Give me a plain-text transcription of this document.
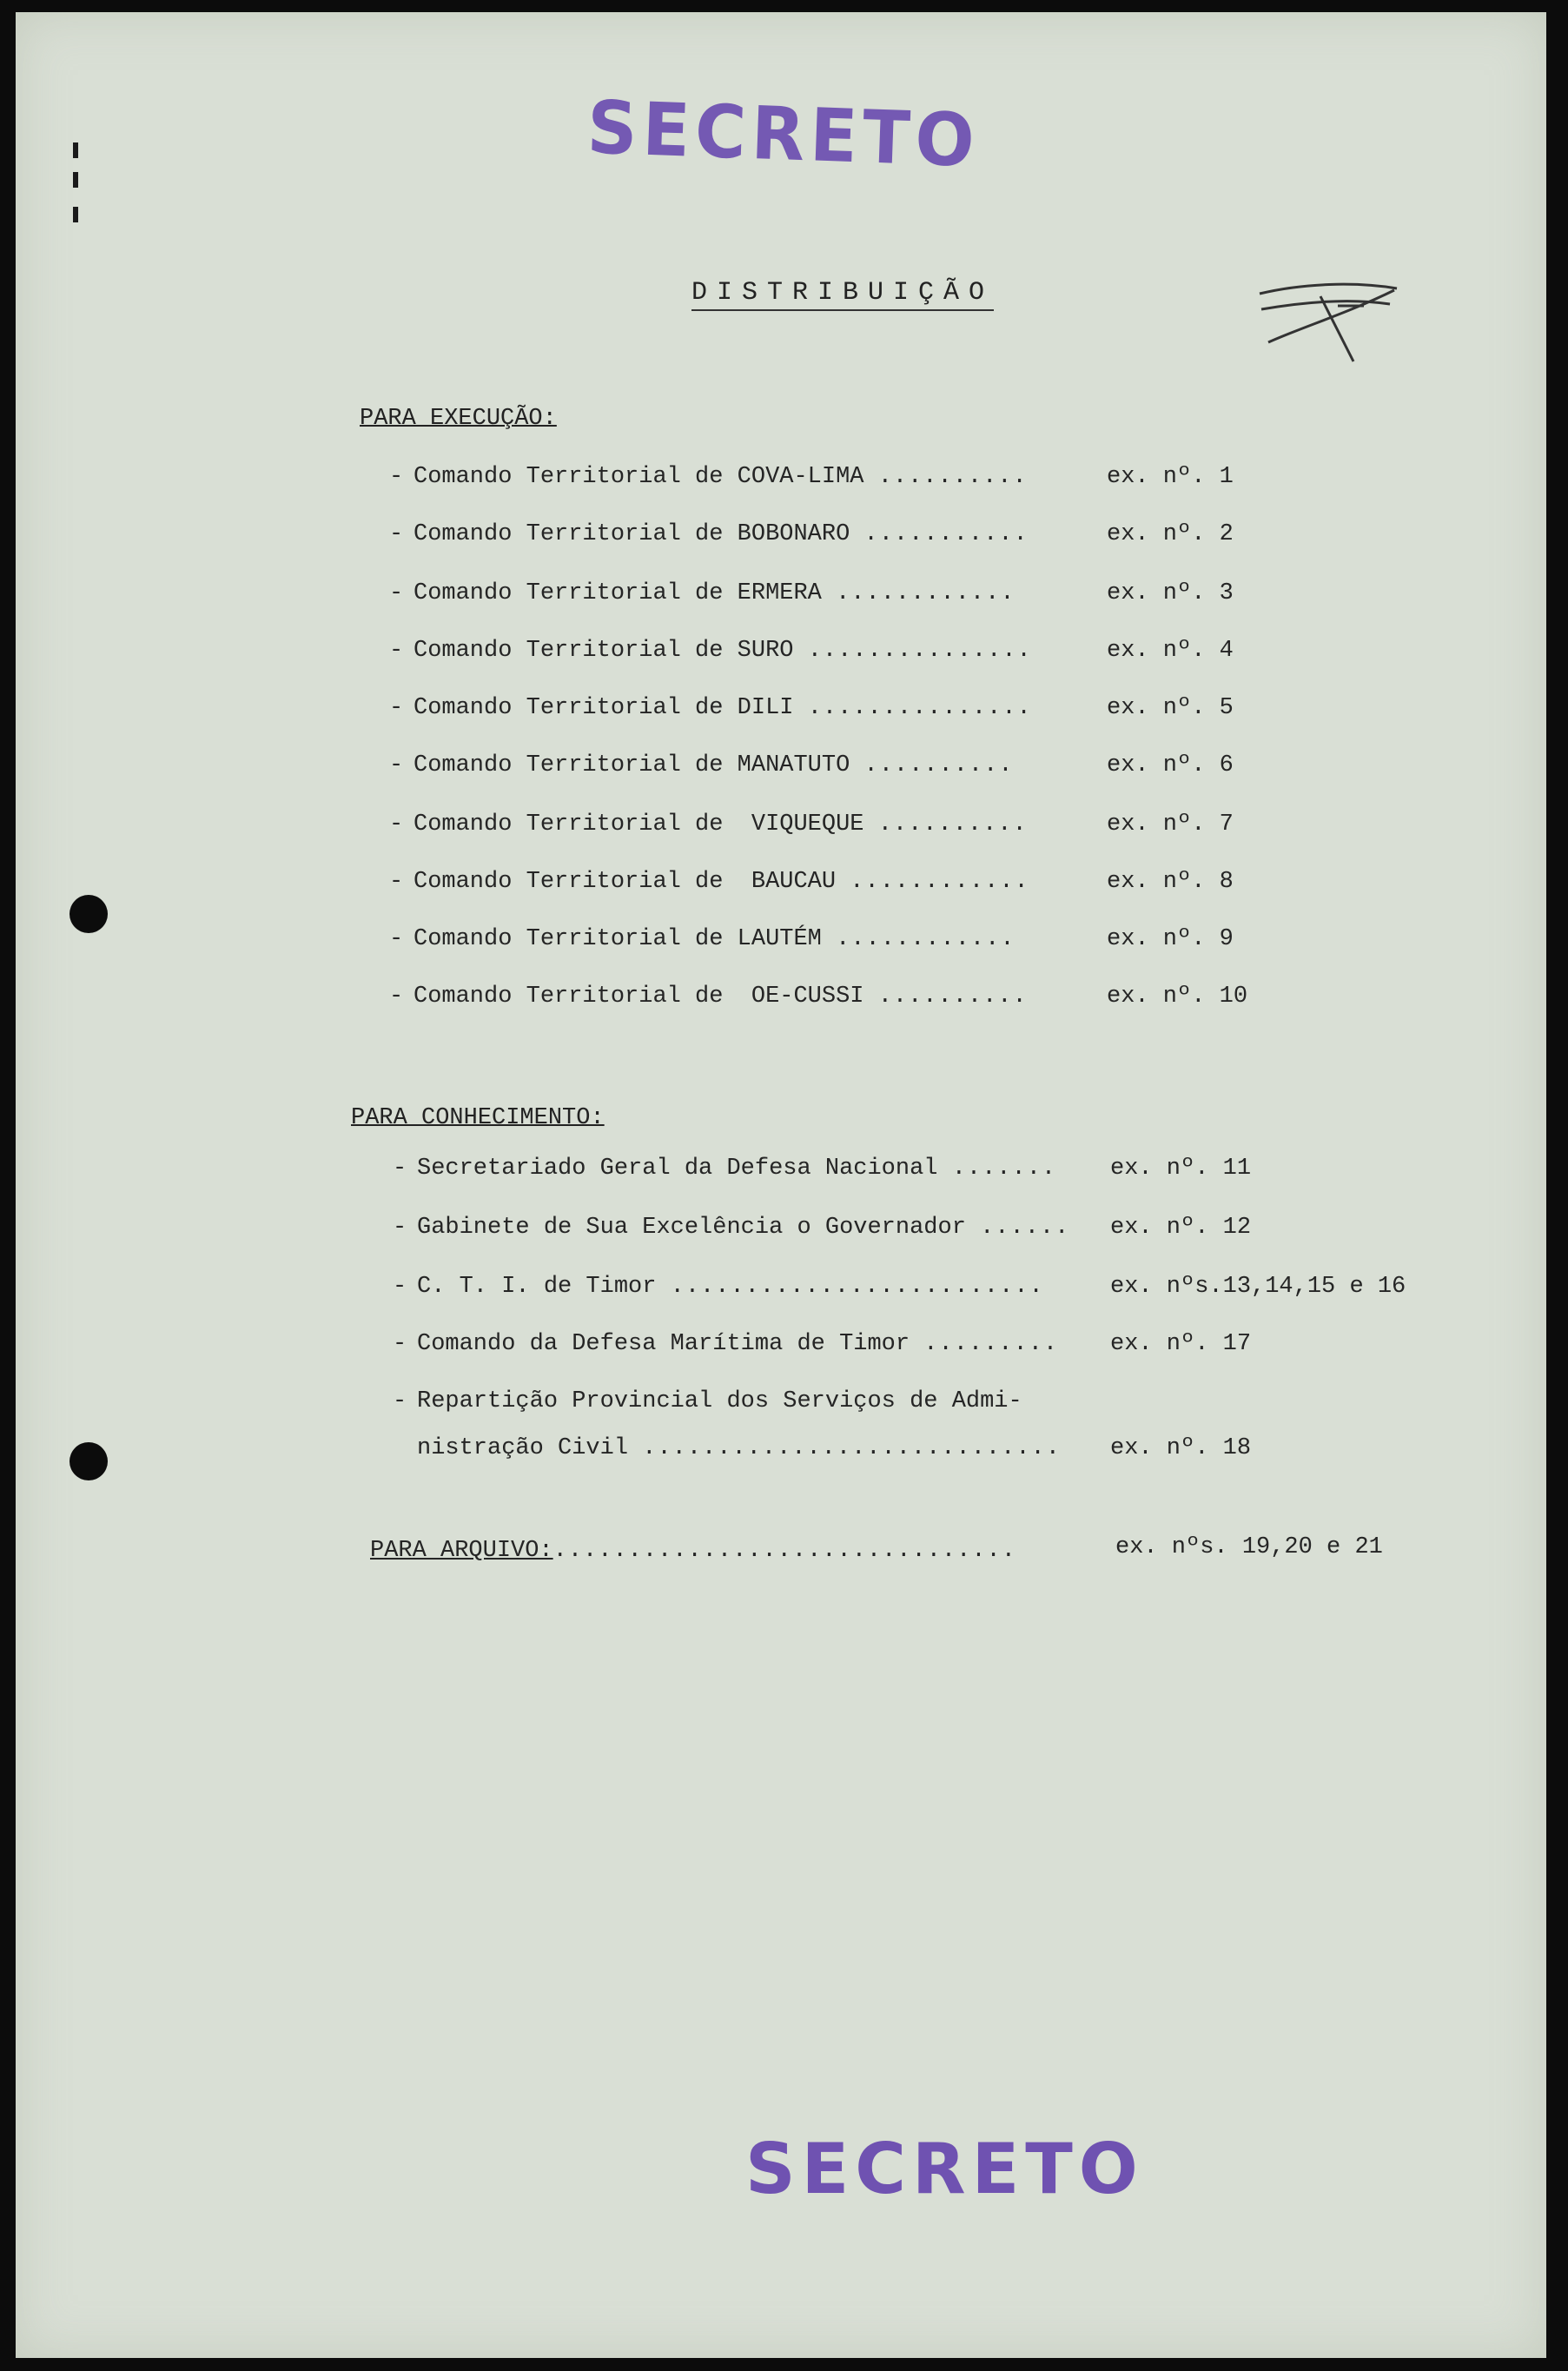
SECRETO
DISTRIBUIÇÃO
PARA EXECUÇÃO:
- Comando Territorial de COVA-LIMA ..........	ex. nº. 1
- Comando Territorial de BOBONARO ...........	ex. nº. 2
- Comando Territorial de ERMERA ............	ex. nº. 3
- Comando Territorial de SURO ...............	ex. nº. 4
- Comando Territorial de DILI ...............	ex. nº. 5
- Comando Territorial de MANATUTO ..........	ex. nº. 6
- Comando Territorial de  VIQUEQUE ..........	ex. nº. 7
- Comando Territorial de  BAUCAU ............	ex. nº. 8
- Comando Territorial de LAUTÉM ............	ex. nº. 9
- Comando Territorial de  OE-CUSSI ..........	ex. nº. 10
PARA CONHECIMENTO:
- Secretariado Geral da Defesa Nacional ....... ex. nº. 11
- Gabinete de Sua Excelência o Governador ...... ex. nº. 12
- C. T. I. de Timor .........................	ex. nºs.13,14,15 e 16
- Comando da Defesa Marítima de Timor ......... ex. nº. 17
- Repartição Provincial dos Serviços de Admi-
nistração Civil ............................ ex. nº. 18
PARA ARQUIVO:...............................	ex. nºs. 19,20 e 21
SECRETO
